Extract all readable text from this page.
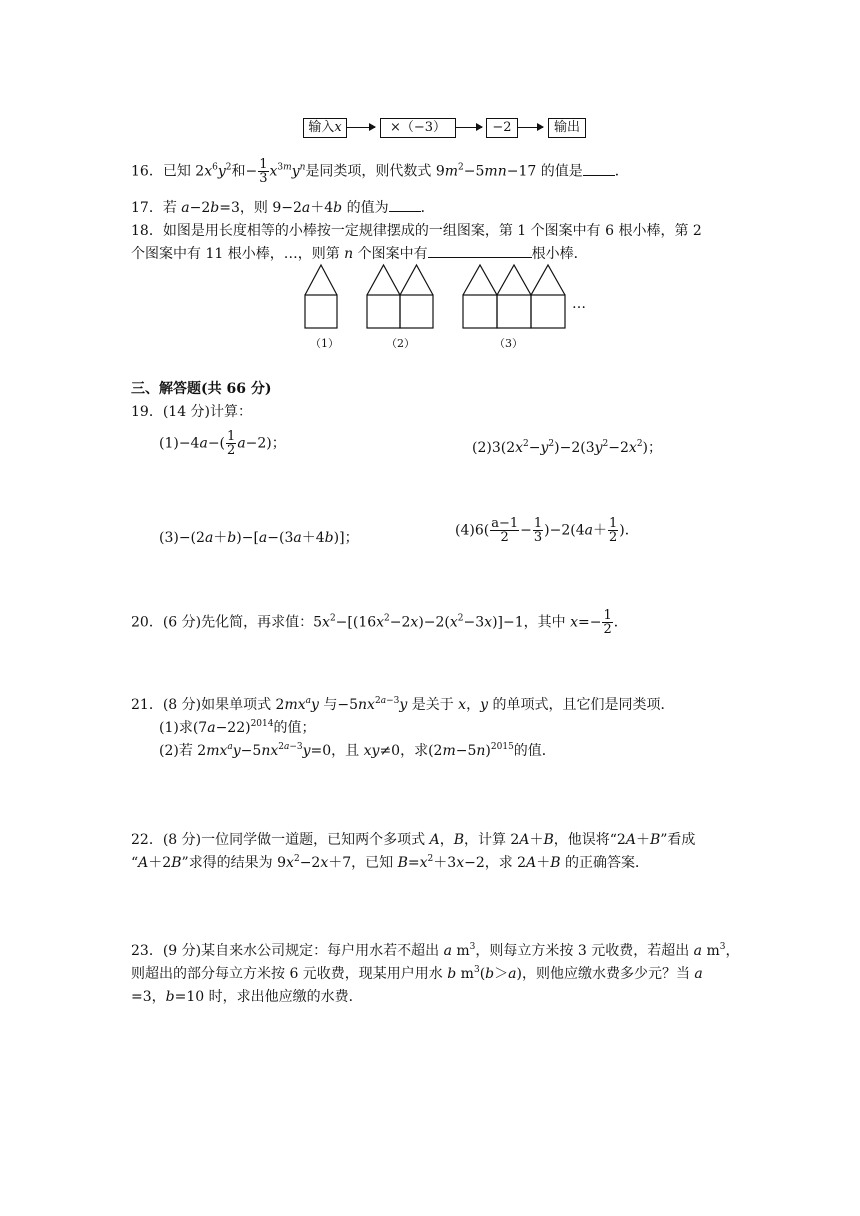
输入x	×（−3）	−2	输出
16．已知 $2x^6y^2$和− $\frac{1}{3} x^{3m}y^n$是同类项，则代数式 $9m^2-5mn-17$ 的值是 ．
17．若 a−2b=3，则 9−2a＋4b 的值为 ．
18．如图是用长度相等的小棒按一定规律摆成的一组图案，第 1 个图案中有 6 根小棒，第 2
个图案中有 11 根小棒，…，则第 n 个图案中有	根小棒．
…
（1）	（2）	（3）
三、解答题(共 66 分)
19．(14 分)计算：
$(1)-4a-( \frac{1}{2} a-2)$；	$(2)3(2x^2-y^2)-2(3y^2-2x^2)$；
(3)−(2a＋b)−[a−(3a＋4b)]；	$(4)6( \frac{a-1}{2} - \frac{1}{3} )-2(4a+ \frac{1}{2}$ )．
20．(6 分)先化简，再求值：$5x^2-[(16x^2-2x)-2(x^2-3x)]-1$，其中 $x=- \frac{1}{2}$ ．
21．(8 分)如果单项式 $2mx^ay$ 与$-5nx^{2a-3}y$ 是关于 x，y 的单项式，且它们是同类项．
(1)求$(7a-22)^{2014}$的值；
(2)若 $2mx^ay-5nx^{2a-3}y=0$，且 xy≠0，求$(2m-5n)^{2015}$的值．
22．(8 分)一位同学做一道题，已知两个多项式 A，B，计算 2A＋B，他误将“2A＋B”看成
“A＋2B”求得的结果为 $9x^2-2x+7$，已知 $B=x^2+3x-2$，求 2A＋B 的正确答案．
23．(9 分)某自来水公司规定：每户用水若不超出 a $m^3$，则每立方米按 3 元收费，若超出 a $m^3$，
则超出的部分每立方米按 6 元收费，现某用户用水 b $m^3(b>a)$，则他应缴水费多少元？当 a
=3，b=10 时，求出他应缴的水费．
